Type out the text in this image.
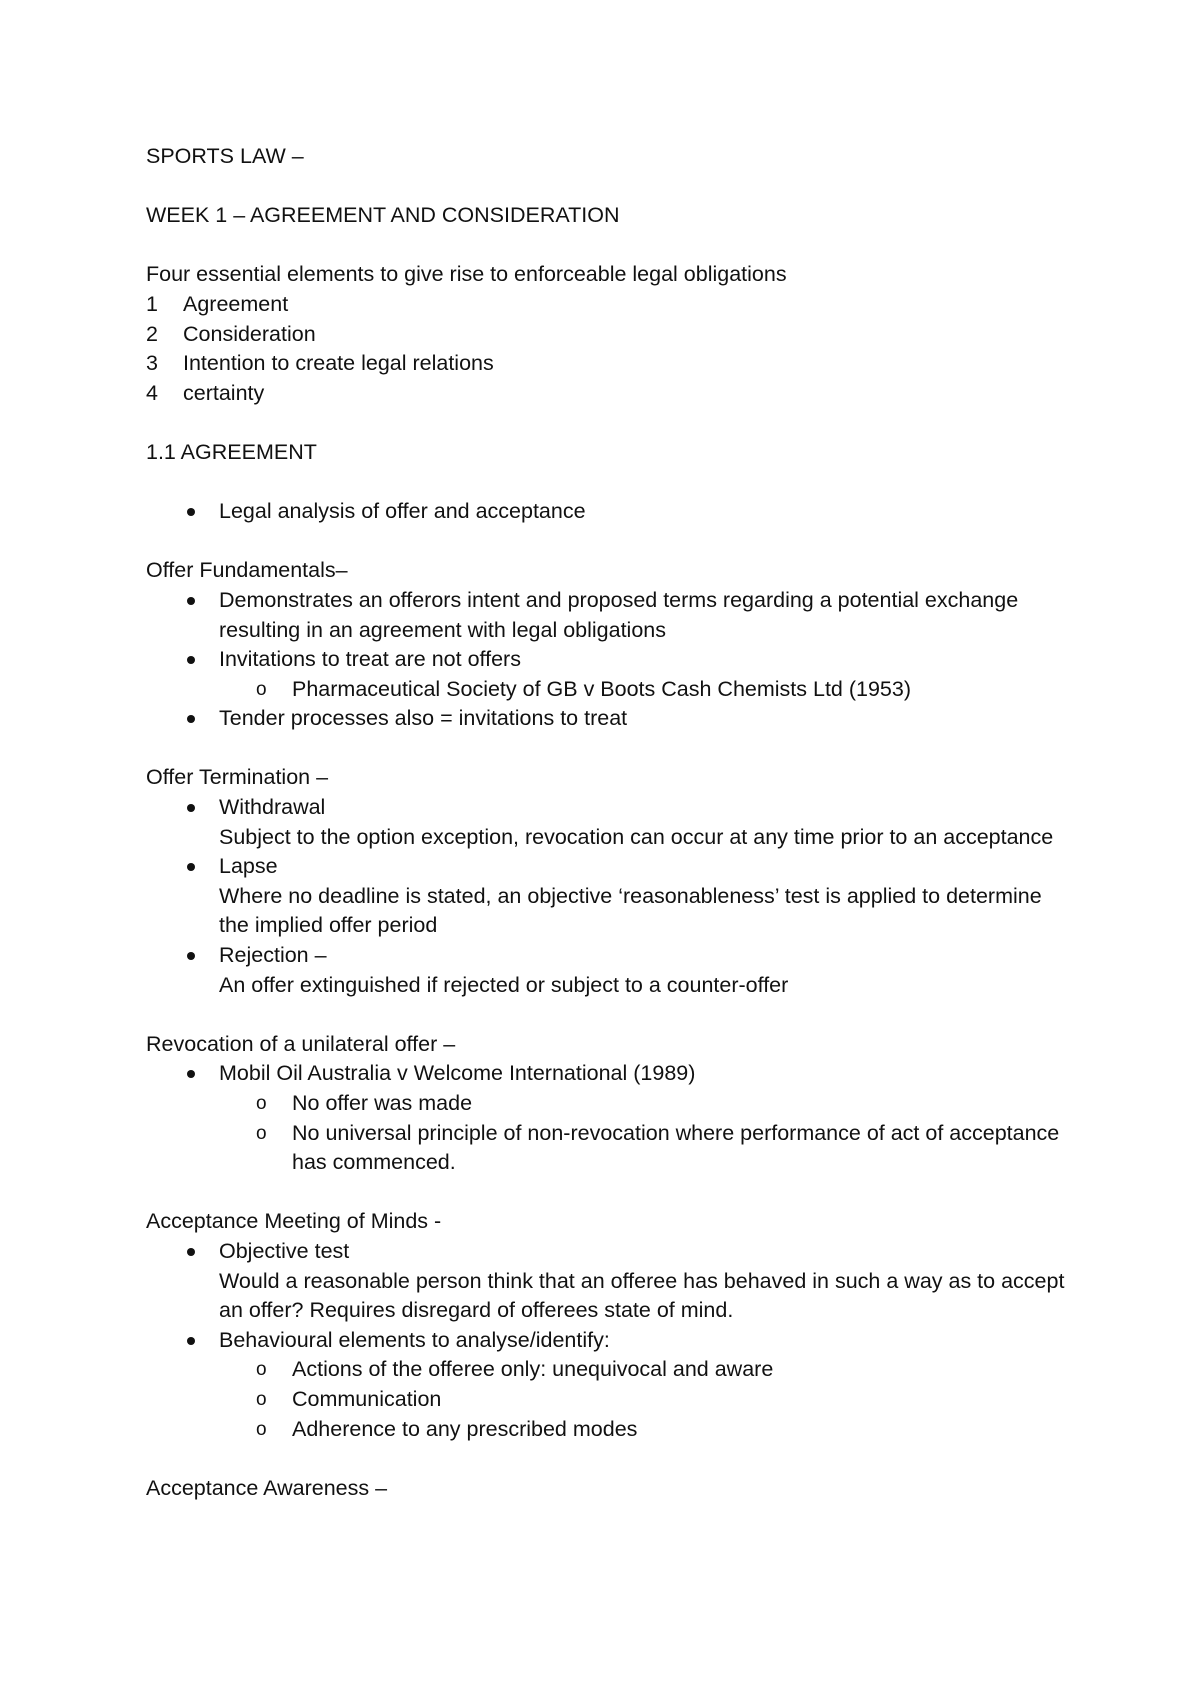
SPORTS LAW –
WEEK 1 – AGREEMENT AND CONSIDERATION
Four essential elements to give rise to enforceable legal obligations
1	Agreement
2	Consideration
3	Intention to create legal relations
4	certainty
1.1 AGREEMENT
Legal analysis of offer and acceptance
Offer Fundamentals–
Demonstrates an offerors intent and proposed terms regarding a potential exchange resulting in an agreement with legal obligations
Invitations to treat are not offers
o Pharmaceutical Society of GB v Boots Cash Chemists Ltd (1953)
Tender processes also = invitations to treat
Offer Termination –
Withdrawal
Subject to the option exception, revocation can occur at any time prior to an acceptance
Lapse
Where no deadline is stated, an objective ‘reasonableness’ test is applied to determine the implied offer period
Rejection –
An offer extinguished if rejected or subject to a counter-offer
Revocation of a unilateral offer –
Mobil Oil Australia v Welcome International (1989)
o No offer was made
o No universal principle of non-revocation where performance of act of acceptance has commenced.
Acceptance Meeting of Minds -
Objective test
Would a reasonable person think that an offeree has behaved in such a way as to accept an offer? Requires disregard of offerees state of mind.
Behavioural elements to analyse/identify:
o Actions of the offeree only: unequivocal and aware
o Communication
o Adherence to any prescribed modes
Acceptance Awareness –
